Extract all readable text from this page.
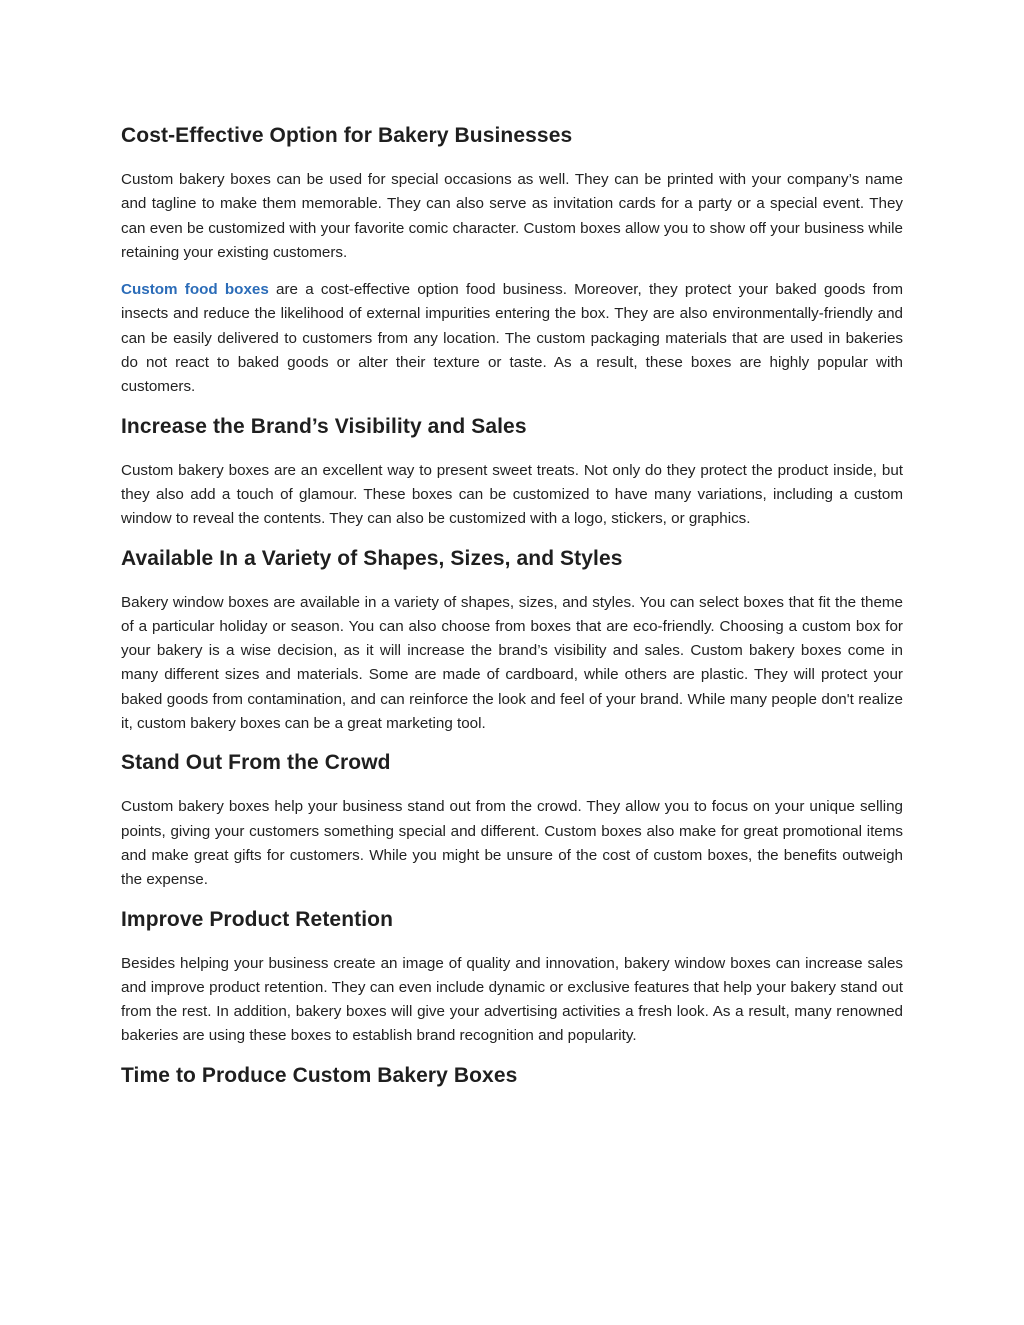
Cost-Effective Option for Bakery Businesses

Custom bakery boxes can be used for special occasions as well. They can be printed with your company’s name and tagline to make them memorable. They can also serve as invitation cards for a party or a special event. They can even be customized with your favorite comic character. Custom boxes allow you to show off your business while retaining your existing customers.

Custom food boxes are a cost-effective option food business. Moreover, they protect your baked goods from insects and reduce the likelihood of external impurities entering the box. They are also environmentally-friendly and can be easily delivered to customers from any location. The custom packaging materials that are used in bakeries do not react to baked goods or alter their texture or taste. As a result, these boxes are highly popular with customers.

Increase the Brand’s Visibility and Sales

Custom bakery boxes are an excellent way to present sweet treats. Not only do they protect the product inside, but they also add a touch of glamour. These boxes can be customized to have many variations, including a custom window to reveal the contents. They can also be customized with a logo, stickers, or graphics.

Available In a Variety of Shapes, Sizes, and Styles

Bakery window boxes are available in a variety of shapes, sizes, and styles. You can select boxes that fit the theme of a particular holiday or season. You can also choose from boxes that are eco-friendly. Choosing a custom box for your bakery is a wise decision, as it will increase the brand’s visibility and sales. Custom bakery boxes come in many different sizes and materials. Some are made of cardboard, while others are plastic. They will protect your baked goods from contamination, and can reinforce the look and feel of your brand. While many people don't realize it, custom bakery boxes can be a great marketing tool.

Stand Out From the Crowd

Custom bakery boxes help your business stand out from the crowd. They allow you to focus on your unique selling points, giving your customers something special and different. Custom boxes also make for great promotional items and make great gifts for customers. While you might be unsure of the cost of custom boxes, the benefits outweigh the expense.

Improve Product Retention

Besides helping your business create an image of quality and innovation, bakery window boxes can increase sales and improve product retention. They can even include dynamic or exclusive features that help your bakery stand out from the rest. In addition, bakery boxes will give your advertising activities a fresh look. As a result, many renowned bakeries are using these boxes to establish brand recognition and popularity.

Time to Produce Custom Bakery Boxes
